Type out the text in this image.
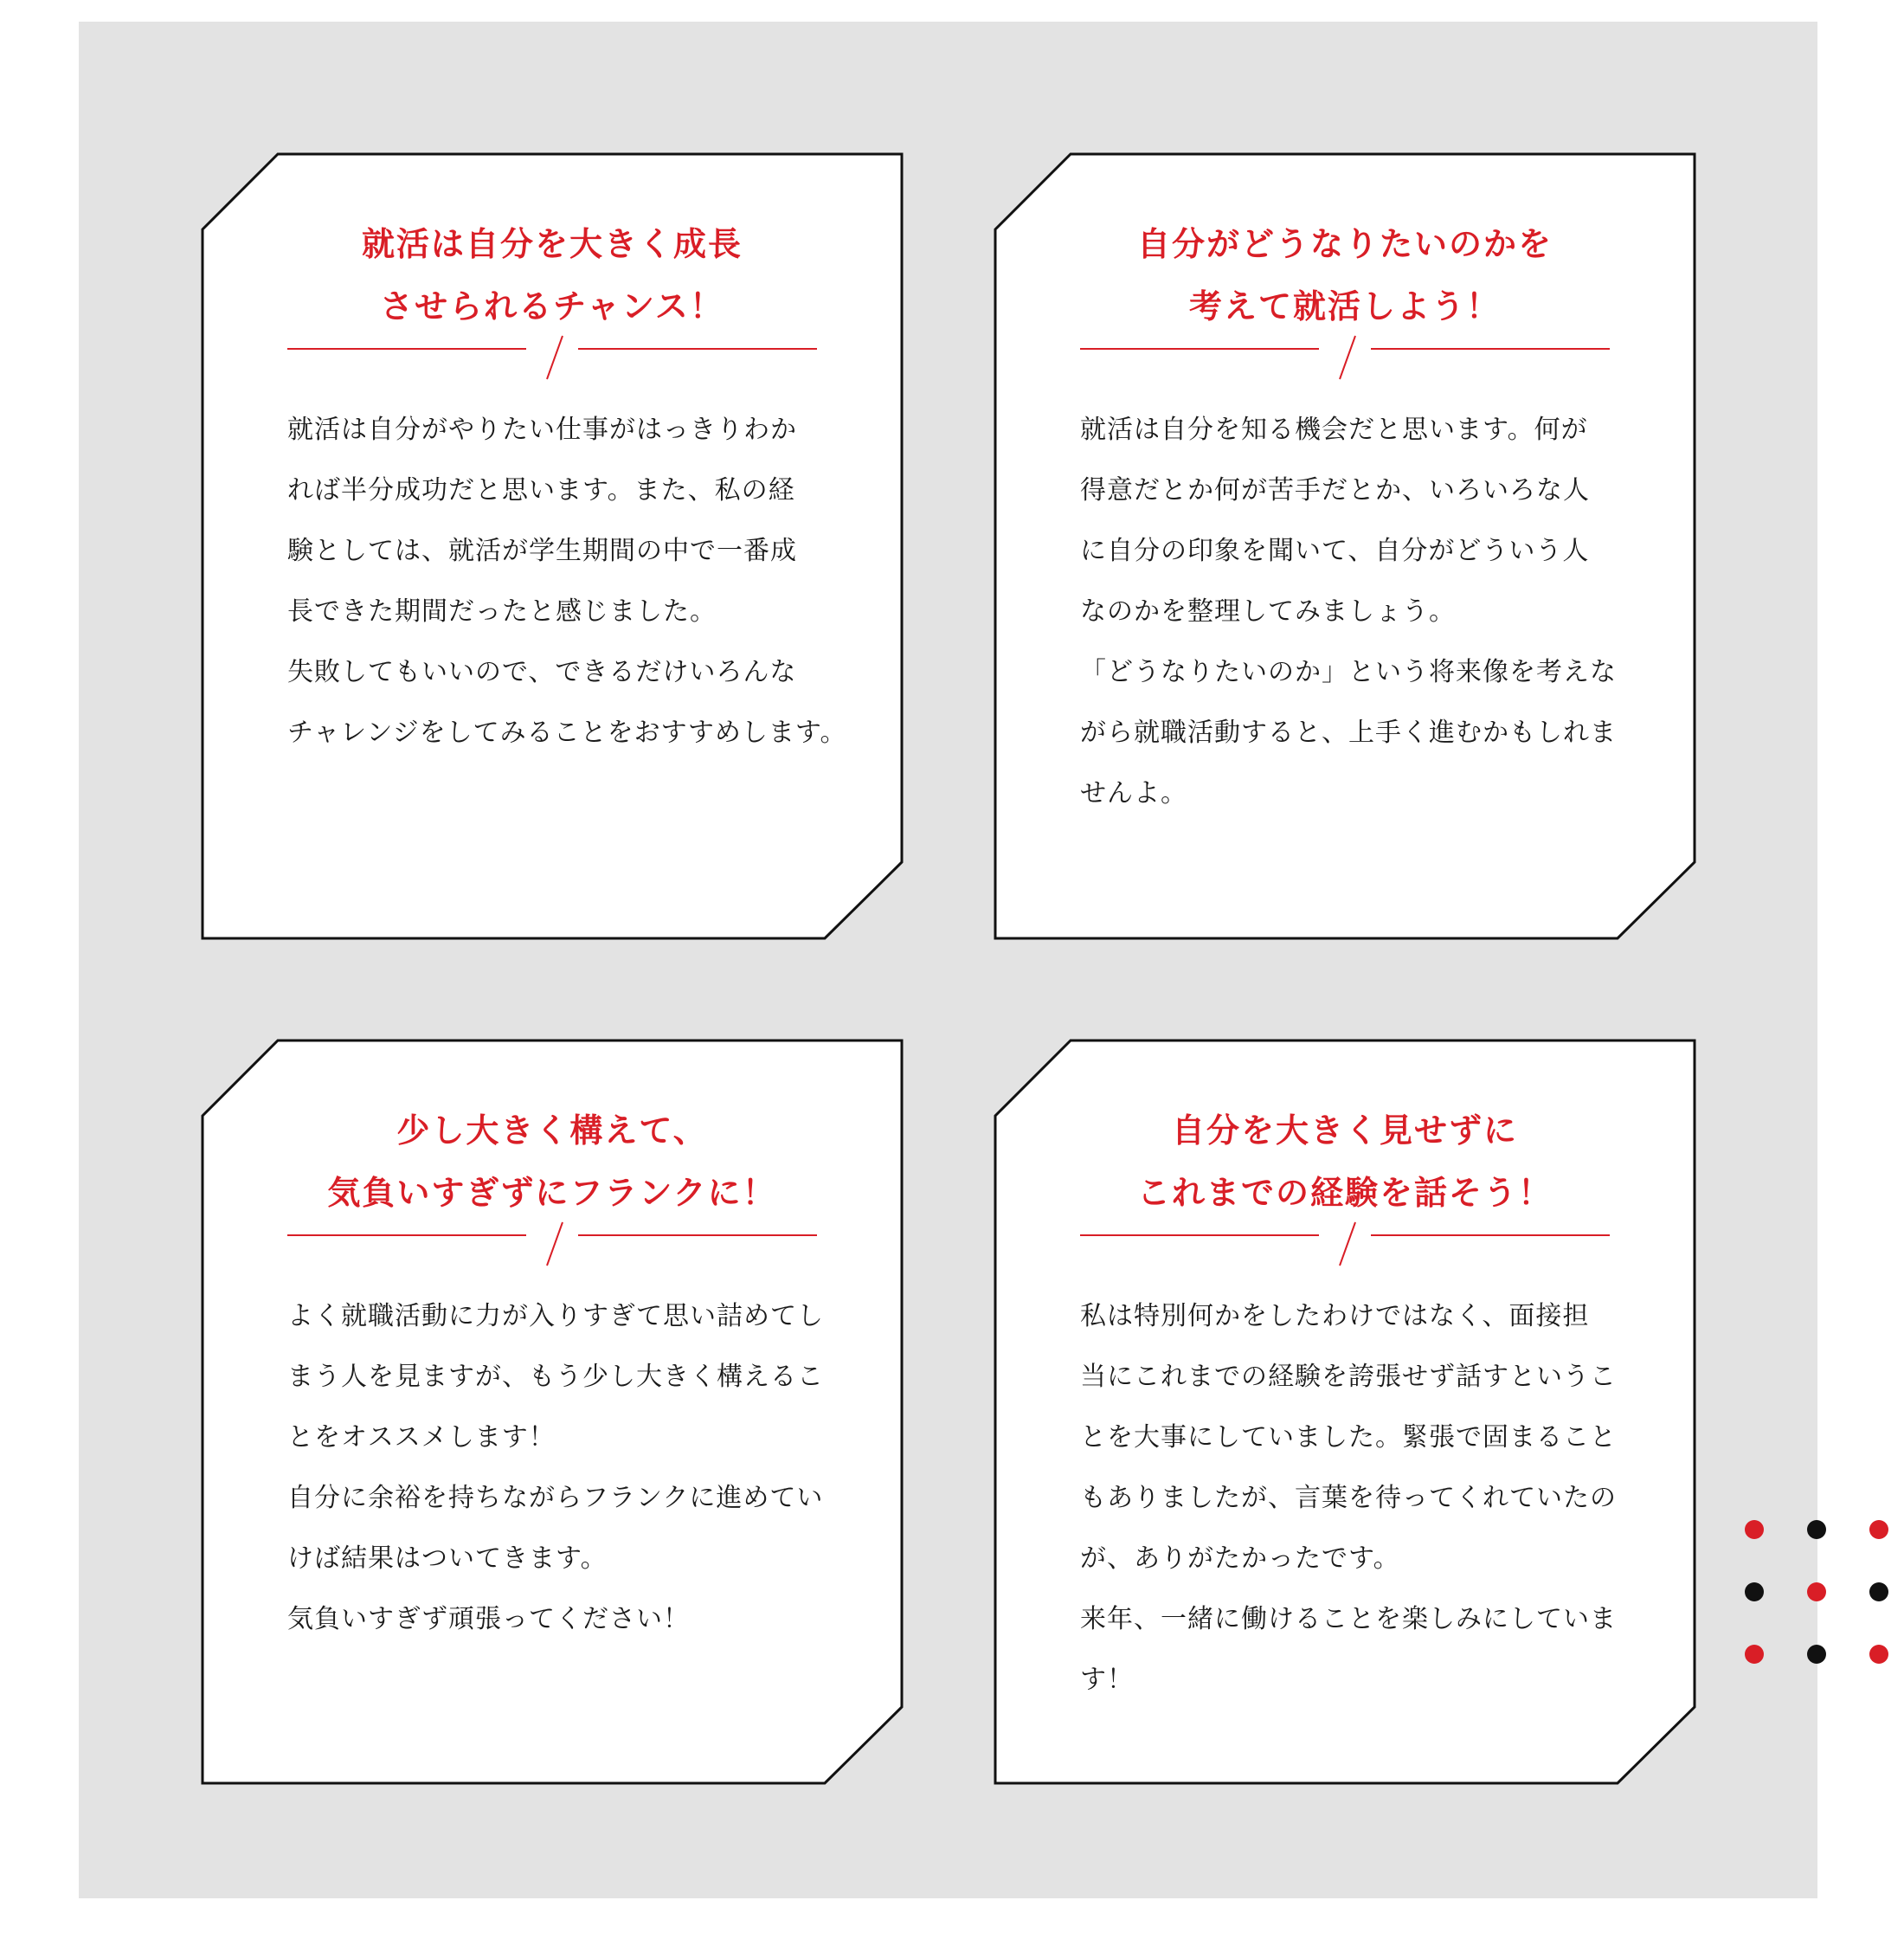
就活は自分を大きく成長
させられるチャンス！

就活は自分がやりたい仕事がはっきりわか
れば半分成功だと思います。また、私の経
験としては、就活が学生期間の中で一番成
長できた期間だったと感じました。
失敗してもいいので、できるだけいろんな
チャレンジをしてみることをおすすめします。

自分がどうなりたいのかを
考えて就活しよう！

就活は自分を知る機会だと思います。何が
得意だとか何が苦手だとか、いろいろな人
に自分の印象を聞いて、自分がどういう人
なのかを整理してみましょう。
「どうなりたいのか」という将来像を考えな
がら就職活動すると、上手く進むかもしれま
せんよ。

少し大きく構えて、
気負いすぎずにフランクに！

よく就職活動に力が入りすぎて思い詰めてし
まう人を見ますが、もう少し大きく構えるこ
とをオススメします！
自分に余裕を持ちながらフランクに進めてい
けば結果はついてきます。
気負いすぎず頑張ってください！

自分を大きく見せずに
これまでの経験を話そう！

私は特別何かをしたわけではなく、面接担
当にこれまでの経験を誇張せず話すというこ
とを大事にしていました。緊張で固まること
もありましたが、言葉を待ってくれていたの
が、ありがたかったです。
来年、一緒に働けることを楽しみにしていま
す！
